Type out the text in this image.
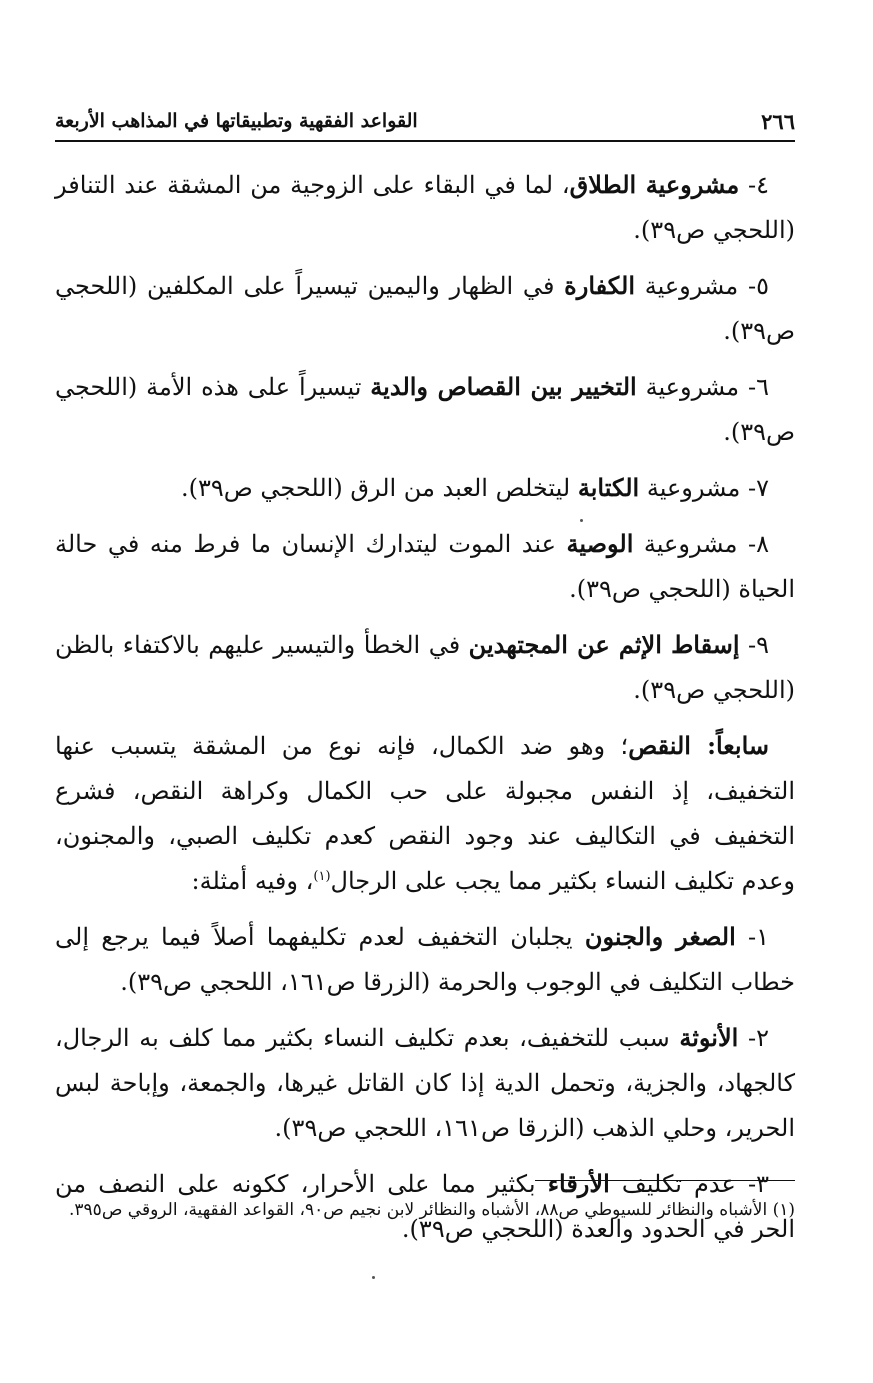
٢٦٦
القواعد الفقهية وتطبيقاتها في المذاهب الأربعة

٤- مشروعية الطلاق، لما في البقاء على الزوجية من المشقة عند التنافر (اللحجي ص٣٩).

٥- مشروعية الكفارة في الظهار واليمين تيسيراً على المكلفين (اللحجي ص٣٩).

٦- مشروعية التخيير بين القصاص والدية تيسيراً على هذه الأمة (اللحجي ص٣٩).

٧- مشروعية الكتابة ليتخلص العبد من الرق (اللحجي ص٣٩).

٨- مشروعية الوصية عند الموت ليتدارك الإنسان ما فرط منه في حالة الحياة (اللحجي ص٣٩).

٩- إسقاط الإثم عن المجتهدين في الخطأ والتيسير عليهم بالاكتفاء بالظن (اللحجي ص٣٩).

سابعاً: النقص؛ وهو ضد الكمال، فإنه نوع من المشقة يتسبب عنها التخفيف، إذ النفس مجبولة على حب الكمال وكراهة النقص، فشرع التخفيف في التكاليف عند وجود النقص كعدم تكليف الصبي، والمجنون، وعدم تكليف النساء بكثير مما يجب على الرجال$^{(١)}$، وفيه أمثلة:

١- الصغر والجنون يجلبان التخفيف لعدم تكليفهما أصلاً فيما يرجع إلى خطاب التكليف في الوجوب والحرمة (الزرقا ص١٦١، اللحجي ص٣٩).

٢- الأنوثة سبب للتخفيف، بعدم تكليف النساء بكثير مما كلف به الرجال، كالجهاد، والجزية، وتحمل الدية إذا كان القاتل غيرها، والجمعة، وإباحة لبس الحرير، وحلي الذهب (الزرقا ص١٦١، اللحجي ص٣٩).

٣- عدم تكليف الأرقاء بكثير مما على الأحرار، ككونه على النصف من الحر في الحدود والعدة (اللحجي ص٣٩).

(١) الأشباه والنظائر للسيوطي ص٨٨، الأشباه والنظائر لابن نجيم ص٩٠، القواعد الفقهية، الروقي ص٣٩٥.
